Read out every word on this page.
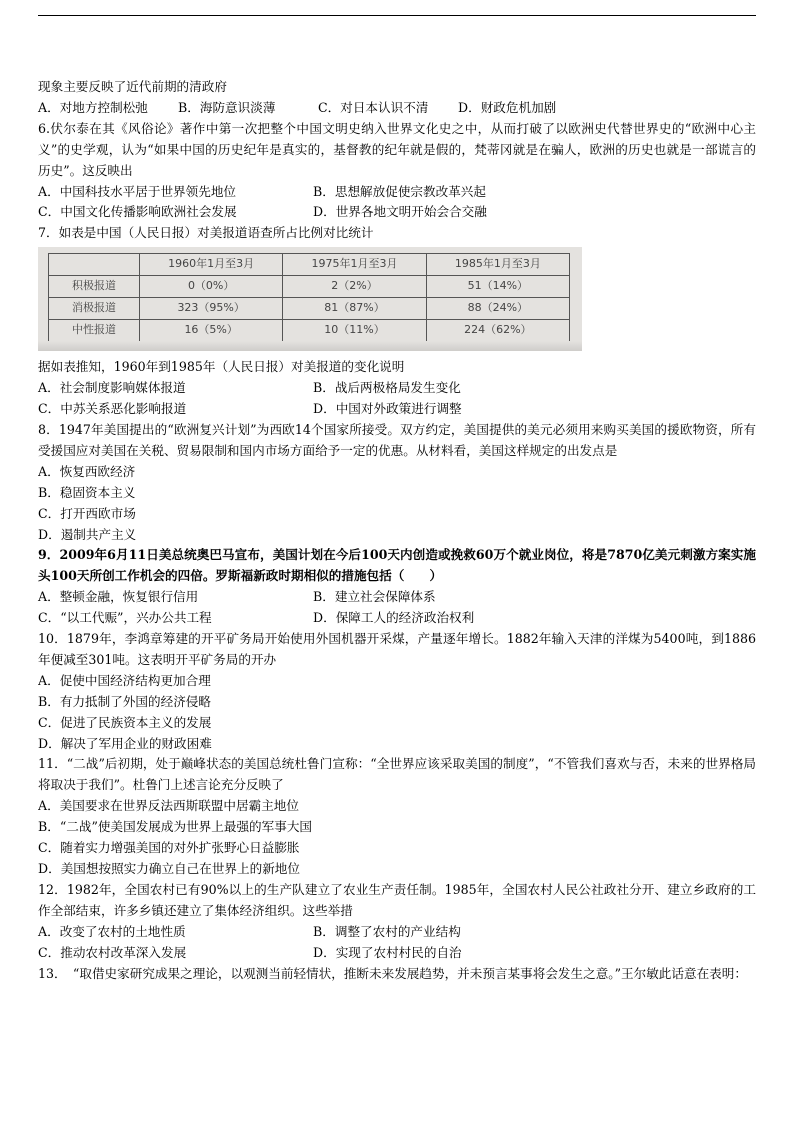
现象主要反映了近代前期的清政府
A．对地方控制松弛	B．海防意识淡薄	C．对日本认识不清	D．财政危机加剧
6.伏尔泰在其《风俗论》著作中第一次把整个中国文明史纳入世界文化史之中，从而打破了以欧洲史代替世界史的“欧洲中心主义”的史学观，认为“如果中国的历史纪年是真实的，基督教的纪年就是假的，梵蒂冈就是在骗人，欧洲的历史也就是一部谎言的历史”。这反映出
A．中国科技水平居于世界领先地位	B．思想解放促使宗教改革兴起
C．中国文化传播影响欧洲社会发展	D．世界各地文明开始会合交融
7．如表是中国（人民日报）对美报道语查所占比例对比统计
	1960年1月至3月	1975年1月至3月	1985年1月至3月
积极报道	0（0%）	2（2%）	51（14%）
消极报道	323（95%）	81（87%）	88（24%）
中性报道	16（5%）	10（11%）	224（62%）
据如表推知，1960年到1985年（人民日报）对美报道的变化说明
A．社会制度影响媒体报道	B．战后两极格局发生变化
C．中苏关系恶化影响报道	D．中国对外政策进行调整
8．1947年美国提出的“欧洲复兴计划”为西欧14个国家所接受。双方约定，美国提供的美元必须用来购买美国的援欧物资，所有受援国应对美国在关税、贸易限制和国内市场方面给予一定的优惠。从材料看，美国这样规定的出发点是
A．恢复西欧经济
B．稳固资本主义
C．打开西欧市场
D．遏制共产主义
9．2009年6月11日美总统奥巴马宣布，美国计划在今后100天内创造或挽救60万个就业岗位，将是7870亿美元刺激方案实施头100天所创工作机会的四倍。罗斯福新政时期相似的措施包括（　　）
A．整顿金融，恢复银行信用	B．建立社会保障体系
C．“以工代赈”，兴办公共工程	D．保障工人的经济政治权利
10．1879年，李鸿章筹建的开平矿务局开始使用外国机器开采煤，产量逐年增长。1882年输入天津的洋煤为5400吨，到1886年便减至301吨。这表明开平矿务局的开办
A．促使中国经济结构更加合理
B．有力抵制了外国的经济侵略
C．促进了民族资本主义的发展
D．解决了军用企业的财政困难
11．“二战”后初期，处于巅峰状态的美国总统杜鲁门宣称：“全世界应该采取美国的制度”，“不管我们喜欢与否，未来的世界格局将取决于我们”。杜鲁门上述言论充分反映了
A．美国要求在世界反法西斯联盟中居霸主地位
B．“二战”使美国发展成为世界上最强的军事大国
C．随着实力增强美国的对外扩张野心日益膨胀
D．美国想按照实力确立自己在世界上的新地位
12．1982年，全国农村已有90%以上的生产队建立了农业生产责任制。1985年，全国农村人民公社政社分开、建立乡政府的工作全部结束，许多乡镇还建立了集体经济组织。这些举措
A．改变了农村的土地性质	B．调整了农村的产业结构
C．推动农村改革深入发展	D．实现了农村村民的自治
13．　“取借史家研究成果之理论，以观测当前轻情状，推断未来发展趋势，并未预言某事将会发生之意。”王尔敏此话意在表明：
